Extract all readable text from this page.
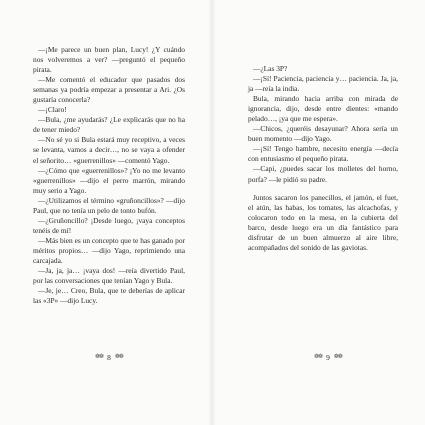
—¡Me parece un buen plan, Lucy! ¿Y cuándo nos volveremos a ver? —preguntó el pequeño pirata.

—Me comentó el educador que pasados dos semanas ya podría empezar a presentar a Ari. ¿Os gustaría conocerla?

—¡Claro!

—Bula, ¿me ayudarás? ¿Le explicarás que no ha de tener miedo?

—No sé yo si Bula estará muy receptivo, a veces se levanta, vamos a decir…, no se vaya a ofender el señorito… «guerrenillos» —comentó Yago.

—¿Cómo que «guerrenillos»? ¡Yo no me levanto «guerrenillos» —dijo el perro marrón, mirando muy serio a Yago.

—¿Utilizamos el término «gruñoncillos»? —dijo Paul, que no tenía un pelo de tonto bufón.

—¿Gruñoncillo? ¡Desde luego, ¡vaya conceptos tenéis de mí!

—Más bien es un concepto que te has ganado por méritos propios… —dijo Yago, reprimiendo una carcajada.

—Ja, ja, ja… ¡vaya dos! —reía divertido Paul, por las conversaciones que tenían Yago y Bula.

—Je, je… Creo, Bula, que te deberías de aplicar las «3P» —dijo Lucy.

❁❁ 8 ❁❁

—¿Las 3P?

—¡Sí! Paciencia, paciencia y… paciencia. Ja, ja, ja —reía la india.

Bula, mirando hacia arriba con mirada de ignorancia, dijo, desde entre dientes: «mando pelado…, ¡ya que me espera».

—Chicos, ¿queréis desayunar? Ahora sería un buen momento —dijo Yago.

—¡Sí! Tengo hambre, necesito energía —decía con entusiasmo el pequeño pirata.

—Capi, ¿puedes sacar los molletes del horno, porfa? —le pidió su padre.

Juntos sacaron los panecillos, el jamón, el fuet, el atún, las habas, los tomates, las alcachofas, y colocaron todo en la mesa, en la cubierta del barco, desde luego era un día fantástico para disfrutar de un buen almuerzo al aire libre, acompañados del sonido de las gaviotas.

❁❁ 9 ❁❁
